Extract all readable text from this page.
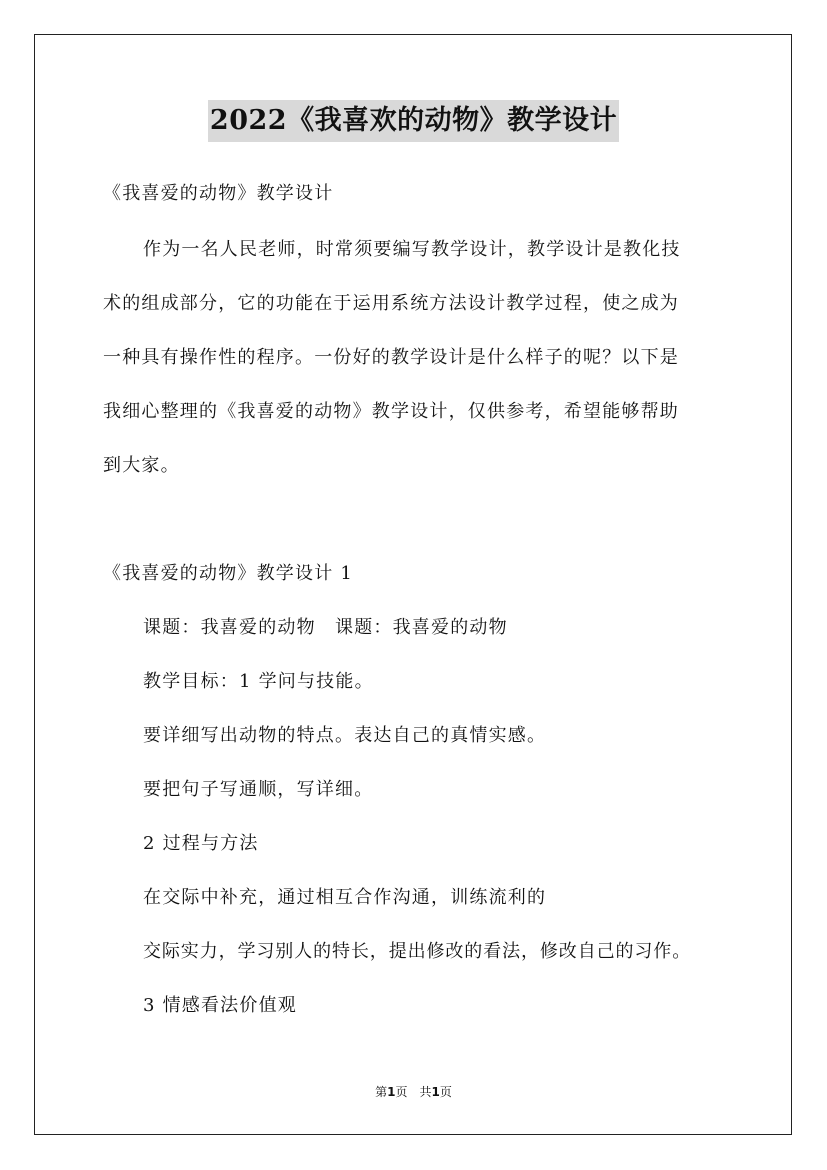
2022《我喜欢的动物》教学设计
《我喜爱的动物》教学设计
作为一名人民老师，时常须要编写教学设计，教学设计是教化技
术的组成部分，它的功能在于运用系统方法设计教学过程，使之成为
一种具有操作性的程序。一份好的教学设计是什么样子的呢？以下是
我细心整理的《我喜爱的动物》教学设计，仅供参考，希望能够帮助
到大家。
《我喜爱的动物》教学设计 1
课题：我喜爱的动物　课题：我喜爱的动物
教学目标：1 学问与技能。
要详细写出动物的特点。表达自己的真情实感。
要把句子写通顺，写详细。
2 过程与方法
在交际中补充，通过相互合作沟通，训练流利的
交际实力，学习别人的特长，提出修改的看法，修改自己的习作。
3 情感看法价值观
第1页　共1页
